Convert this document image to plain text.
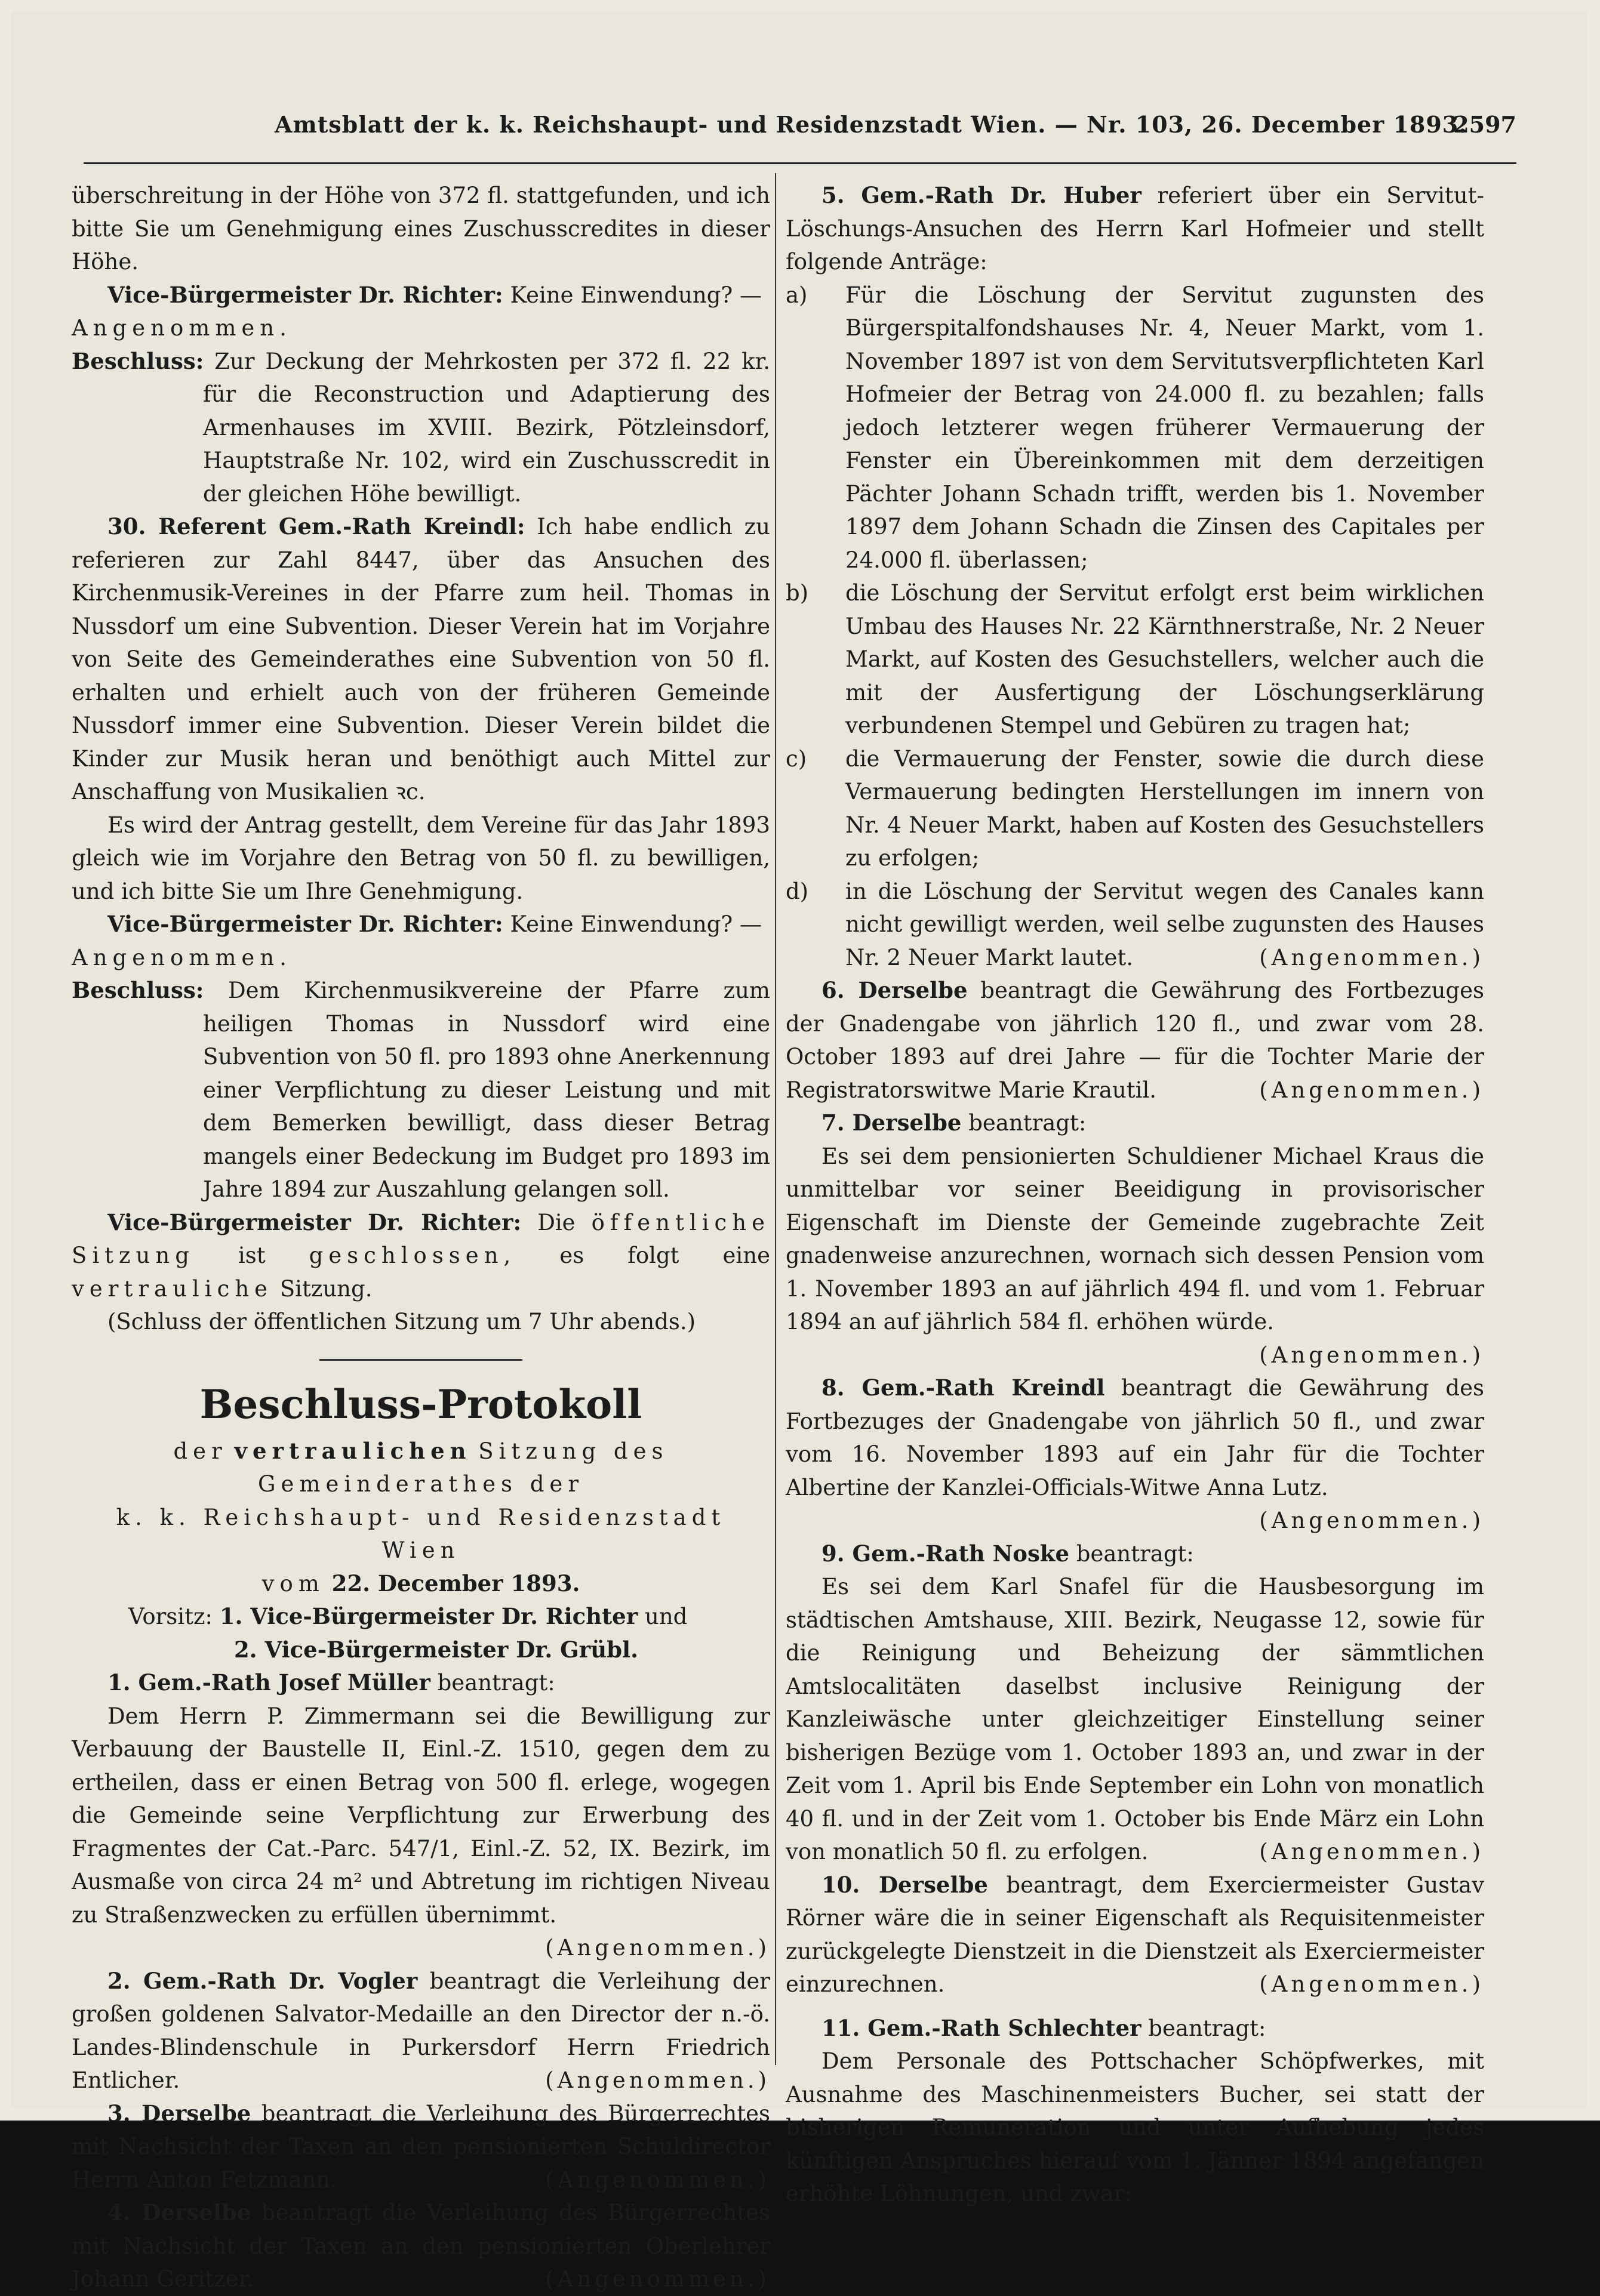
Amtsblatt der k. k. Reichshaupt- und Residenzstadt Wien. — Nr. 103, 26. December 1893.
2597

überschreitung in der Höhe von 372 fl. stattgefunden, und ich bitte Sie um Genehmigung eines Zuschusscredites in dieser Höhe.

Vice-Bürgermeister Dr. Richter: Keine Einwendung? —

Angenommen.

Beschluss: Zur Deckung der Mehrkosten per 372 fl. 22 kr. für die Reconstruction und Adaptierung des Armenhauses im XVIII. Bezirk, Pötzleinsdorf, Hauptstraße Nr. 102, wird ein Zuschusscredit in der gleichen Höhe bewilligt.

30. Referent Gem.-Rath Kreindl: Ich habe endlich zu referieren zur Zahl 8447, über das Ansuchen des Kirchenmusik-Vereines in der Pfarre zum heil. Thomas in Nussdorf um eine Subvention. Dieser Verein hat im Vorjahre von Seite des Gemeinderathes eine Subvention von 50 fl. erhalten und erhielt auch von der früheren Gemeinde Nussdorf immer eine Subvention. Dieser Verein bildet die Kinder zur Musik heran und benöthigt auch Mittel zur Anschaffung von Musikalien ꝛc.

Es wird der Antrag gestellt, dem Vereine für das Jahr 1893 gleich wie im Vorjahre den Betrag von 50 fl. zu bewilligen, und ich bitte Sie um Ihre Genehmigung.

Vice-Bürgermeister Dr. Richter: Keine Einwendung? —

Angenommen.

Beschluss: Dem Kirchenmusikvereine der Pfarre zum heiligen Thomas in Nussdorf wird eine Subvention von 50 fl. pro 1893 ohne Anerkennung einer Verpflichtung zu dieser Leistung und mit dem Bemerken bewilligt, dass dieser Betrag mangels einer Bedeckung im Budget pro 1893 im Jahre 1894 zur Auszahlung gelangen soll.

Vice-Bürgermeister Dr. Richter: Die öffentliche Sitzung ist geschlossen, es folgt eine vertrauliche Sitzung.

(Schluss der öffentlichen Sitzung um 7 Uhr abends.)

Beschluss-Protokoll

der vertraulichen Sitzung des Gemeinderathes der

k. k. Reichshaupt- und Residenzstadt Wien

vom 22. December 1893.

Vorsitz: 1. Vice-Bürgermeister Dr. Richter und

2. Vice-Bürgermeister Dr. Grübl.

1. Gem.-Rath Josef Müller beantragt:

Dem Herrn P. Zimmermann sei die Bewilligung zur Verbauung der Baustelle II, Einl.-Z. 1510, gegen dem zu ertheilen, dass er einen Betrag von 500 fl. erlege, wogegen die Gemeinde seine Verpflichtung zur Erwerbung des Fragmentes der Cat.-Parc. 547/1, Einl.-Z. 52, IX. Bezirk, im Ausmaße von circa 24 m² und Abtretung im richtigen Niveau zu Straßenzwecken zu erfüllen übernimmt.
(Angenommen.)

2. Gem.-Rath Dr. Vogler beantragt die Verleihung der großen goldenen Salvator-Medaille an den Director der n.-ö. Landes-Blindenschule in Purkersdorf Herrn Friedrich Entlicher.	(Angenommen.)

3. Derselbe beantragt die Verleihung des Bürgerrechtes mit Nachsicht der Taxen an den pensionierten Schuldirector Herrn Anton Fetzmann.	(Angenommen.)

4. Derselbe beantragt die Verleihung des Bürgerrechtes mit Nachsicht der Taxen an den pensionierten Oberlehrer Johann Geritzer.	(Angenommen.)

5. Gem.-Rath Dr. Huber referiert über ein Servitut-Löschungs-Ansuchen des Herrn Karl Hofmeier und stellt folgende Anträge:

a) Für die Löschung der Servitut zugunsten des Bürgerspitalfondshauses Nr. 4, Neuer Markt, vom 1. November 1897 ist von dem Servitutsverpflichteten Karl Hofmeier der Betrag von 24.000 fl. zu bezahlen; falls jedoch letzterer wegen früherer Vermauerung der Fenster ein Übereinkommen mit dem derzeitigen Pächter Johann Schadn trifft, werden bis 1. November 1897 dem Johann Schadn die Zinsen des Capitales per 24.000 fl. überlassen;

b) die Löschung der Servitut erfolgt erst beim wirklichen Umbau des Hauses Nr. 22 Kärnthnerstraße, Nr. 2 Neuer Markt, auf Kosten des Gesuchstellers, welcher auch die mit der Ausfertigung der Löschungserklärung verbundenen Stempel und Gebüren zu tragen hat;

c) die Vermauerung der Fenster, sowie die durch diese Vermauerung bedingten Herstellungen im innern von Nr. 4 Neuer Markt, haben auf Kosten des Gesuchstellers zu erfolgen;

d) in die Löschung der Servitut wegen des Canales kann nicht gewilligt werden, weil selbe zugunsten des Hauses Nr. 2 Neuer Markt lautet.	(Angenommen.)

6. Derselbe beantragt die Gewährung des Fortbezuges der Gnadengabe von jährlich 120 fl., und zwar vom 28. October 1893 auf drei Jahre — für die Tochter Marie der Registratorswitwe Marie Krautil.	(Angenommen.)

7. Derselbe beantragt:

Es sei dem pensionierten Schuldiener Michael Kraus die unmittelbar vor seiner Beeidigung in provisorischer Eigenschaft im Dienste der Gemeinde zugebrachte Zeit gnadenweise anzurechnen, wornach sich dessen Pension vom 1. November 1893 an auf jährlich 494 fl. und vom 1. Februar 1894 an auf jährlich 584 fl. erhöhen würde.
(Angenommen.)

8. Gem.-Rath Kreindl beantragt die Gewährung des Fortbezuges der Gnadengabe von jährlich 50 fl., und zwar vom 16. November 1893 auf ein Jahr für die Tochter Albertine der Kanzlei-Officials-Witwe Anna Lutz.
(Angenommen.)

9. Gem.-Rath Noske beantragt:

Es sei dem Karl Snafel für die Hausbesorgung im städtischen Amtshause, XIII. Bezirk, Neugasse 12, sowie für die Reinigung und Beheizung der sämmtlichen Amtslocalitäten daselbst inclusive Reinigung der Kanzleiwäsche unter gleichzeitiger Einstellung seiner bisherigen Bezüge vom 1. October 1893 an, und zwar in der Zeit vom 1. April bis Ende September ein Lohn von monatlich 40 fl. und in der Zeit vom 1. October bis Ende März ein Lohn von monatlich 50 fl. zu erfolgen.	(Angenommen.)

10. Derselbe beantragt, dem Exerciermeister Gustav Rörner wäre die in seiner Eigenschaft als Requisitenmeister zurückgelegte Dienstzeit in die Dienstzeit als Exerciermeister einzurechnen.	(Angenommen.)

11. Gem.-Rath Schlechter beantragt:

Dem Personale des Pottschacher Schöpfwerkes, mit Ausnahme des Maschinenmeisters Bucher, sei statt der bisherigen Remuneration und unter Aufhebung jedes künftigen Anspruches hierauf vom 1. Jänner 1894 angefangen erhöhte Löhnungen, und zwar:
